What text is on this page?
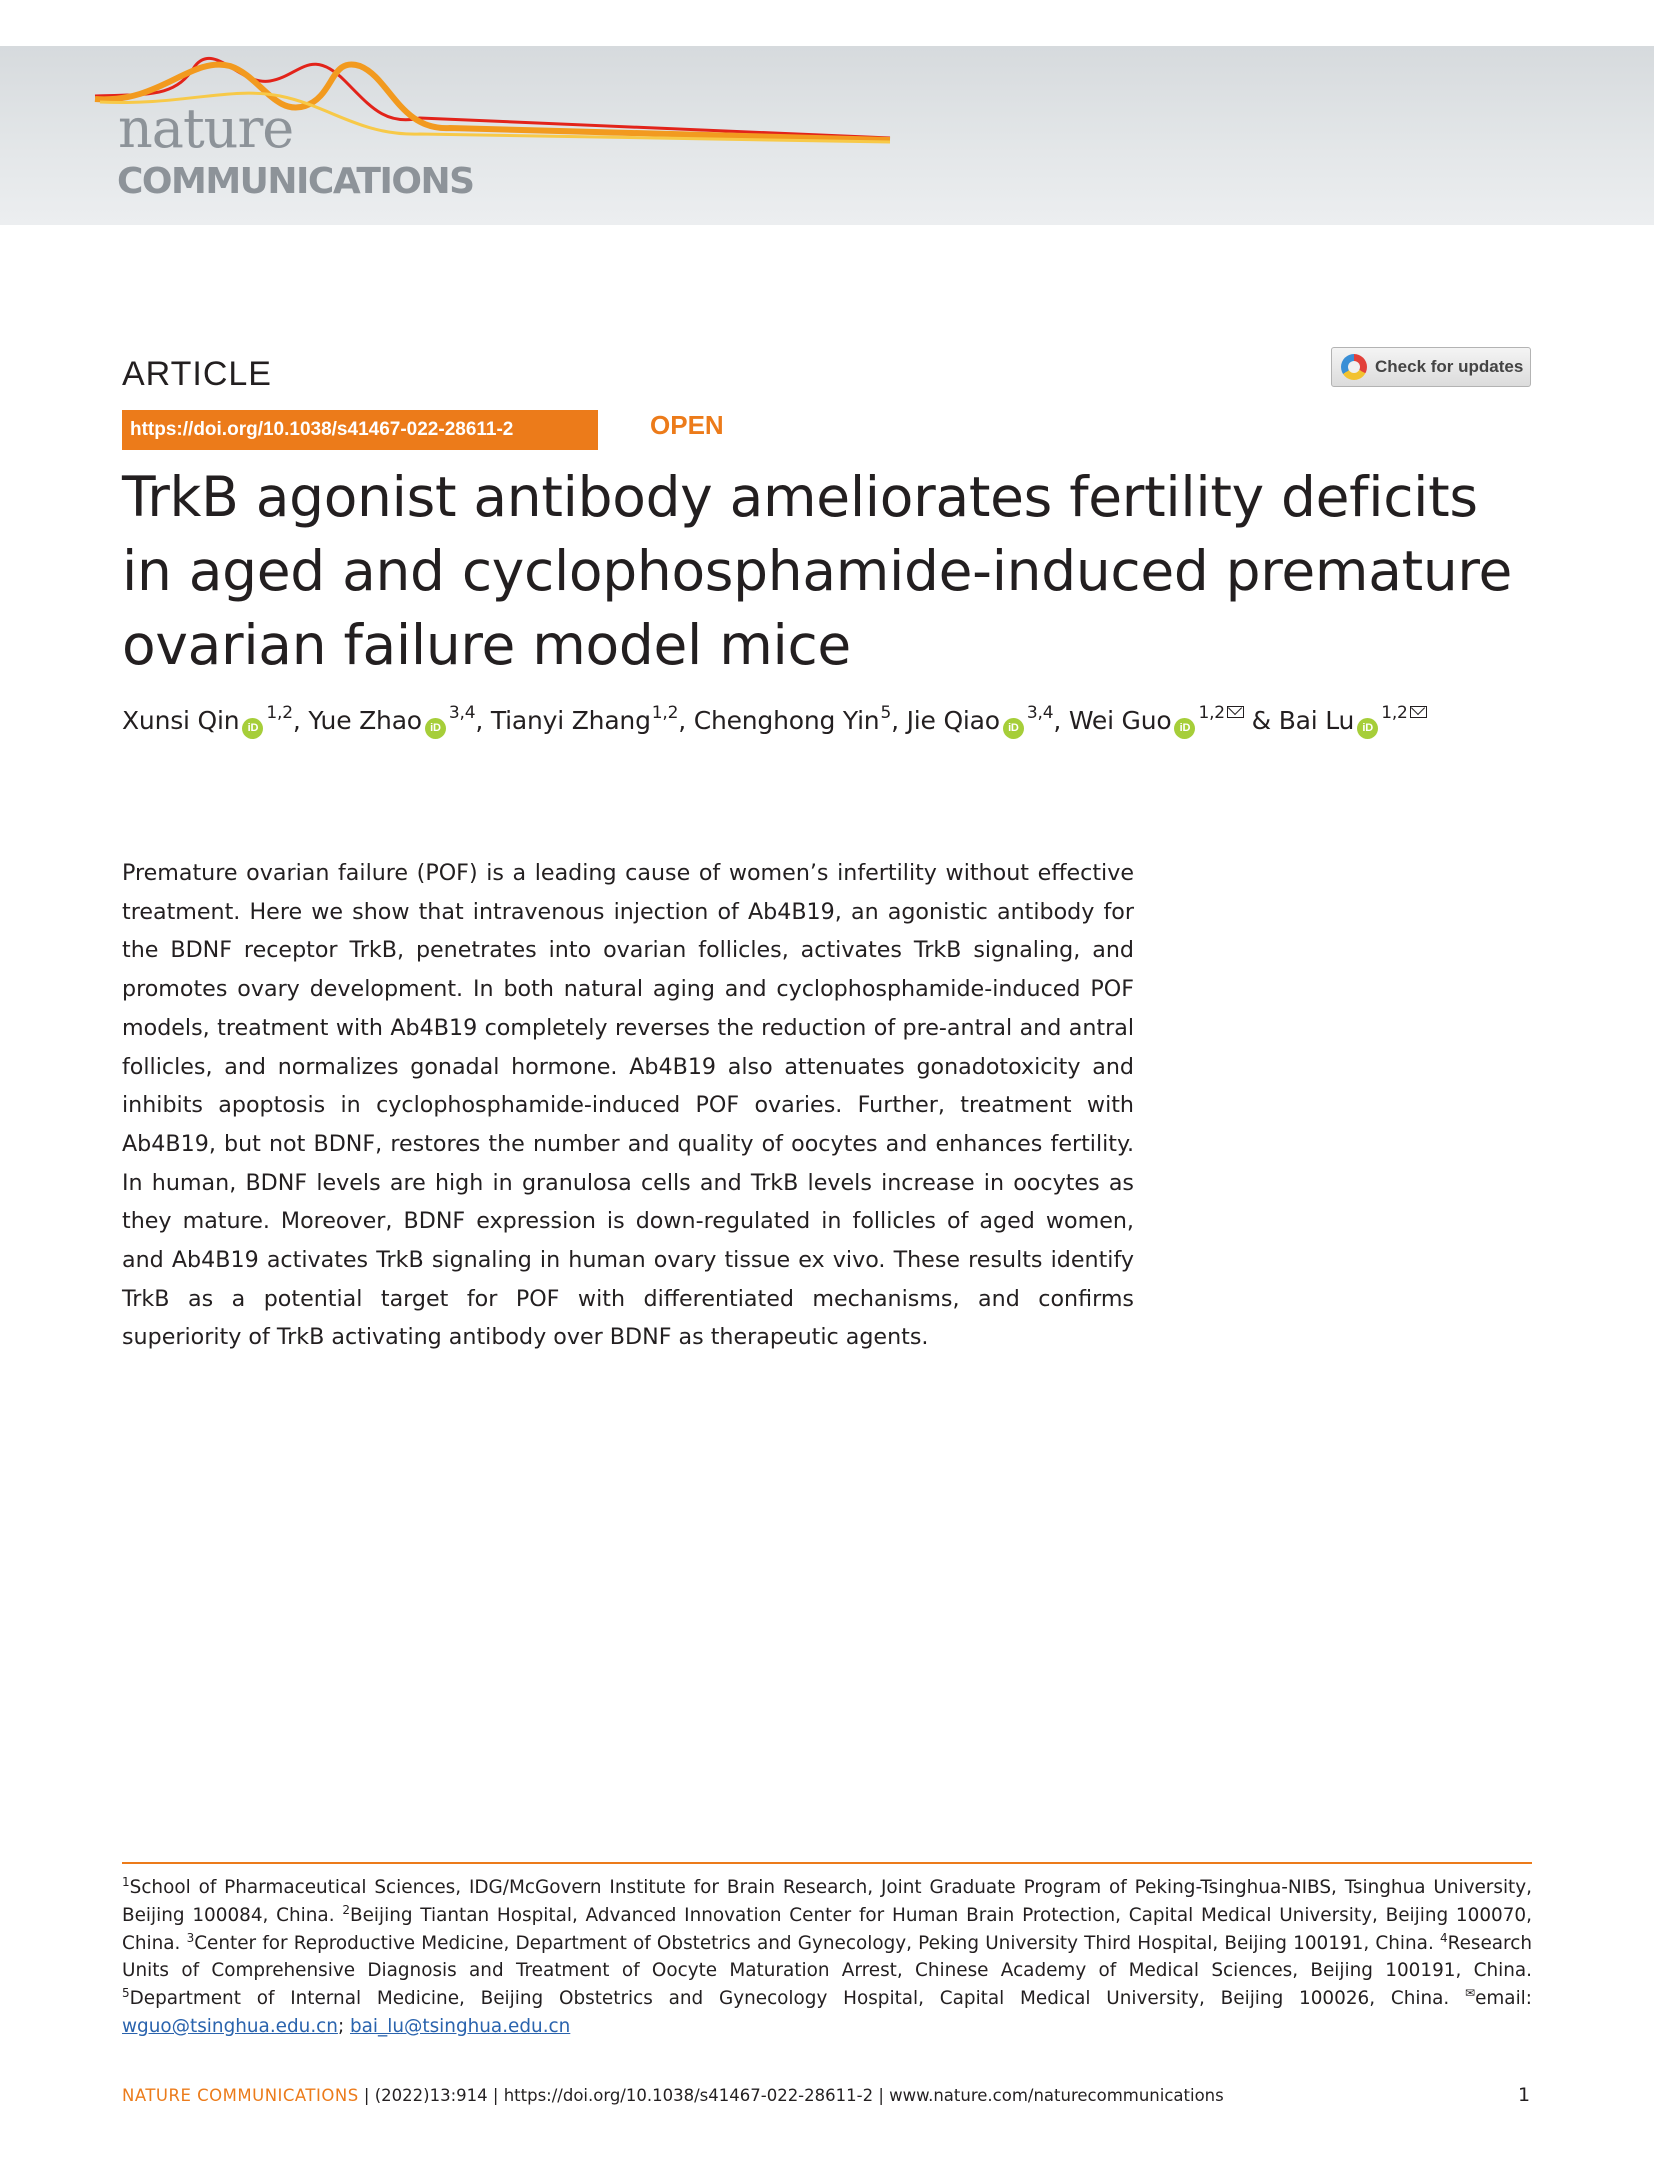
nature
COMMUNICATIONS
ARTICLE	Check for updates
https://doi.org/10.1038/s41467-022-28611-2	OPEN
TrkB agonist antibody ameliorates fertility deficits in aged and cyclophosphamide-induced premature ovarian failure model mice
Xunsi Qin iD$^{1,2}$, Yue Zhao iD$^{3,4}$, Tianyi Zhang$^{1,2}$, Chenghong Yin$^5$, Jie Qiao iD$^{3,4}$, Wei Guo iD$^{1,2}$ & Bai Lu iD$^{1,2}$

Premature ovarian failure (POF) is a leading cause of women’s infertility without effective treatment. Here we show that intravenous injection of Ab4B19, an agonistic antibody for the BDNF receptor TrkB, penetrates into ovarian follicles, activates TrkB signaling, and promotes ovary development. In both natural aging and cyclophosphamide-induced POF models, treatment with Ab4B19 completely reverses the reduction of pre-antral and antral follicles, and normalizes gonadal hormone. Ab4B19 also attenuates gonadotoxicity and inhibits apoptosis in cyclophosphamide-induced POF ovaries. Further, treatment with Ab4B19, but not BDNF, restores the number and quality of oocytes and enhances fertility. In human, BDNF levels are high in granulosa cells and TrkB levels increase in oocytes as they mature. Moreover, BDNF expression is down-regulated in follicles of aged women, and Ab4B19 activates TrkB signaling in human ovary tissue ex vivo. These results identify TrkB as a potential target for POF with differentiated mechanisms, and confirms superiority of TrkB activating antibody over BDNF as therapeutic agents.

$^1$School of Pharmaceutical Sciences, IDG/McGovern Institute for Brain Research, Joint Graduate Program of Peking-Tsinghua-NIBS, Tsinghua University, Beijing 100084, China. $^2$Beijing Tiantan Hospital, Advanced Innovation Center for Human Brain Protection, Capital Medical University, Beijing 100070, China. $^3$Center for Reproductive Medicine, Department of Obstetrics and Gynecology, Peking University Third Hospital, Beijing 100191, China. $^4$Research Units of Comprehensive Diagnosis and Treatment of Oocyte Maturation Arrest, Chinese Academy of Medical Sciences, Beijing 100191, China. $^5$Department of Internal Medicine, Beijing Obstetrics and Gynecology Hospital, Capital Medical University, Beijing 100026, China. ✉email: wguo@tsinghua.edu.cn; bai_lu@tsinghua.edu.cn

NATURE COMMUNICATIONS | (2022)13:914 | https://doi.org/10.1038/s41467-022-28611-2 | www.nature.com/naturecommunications	1
